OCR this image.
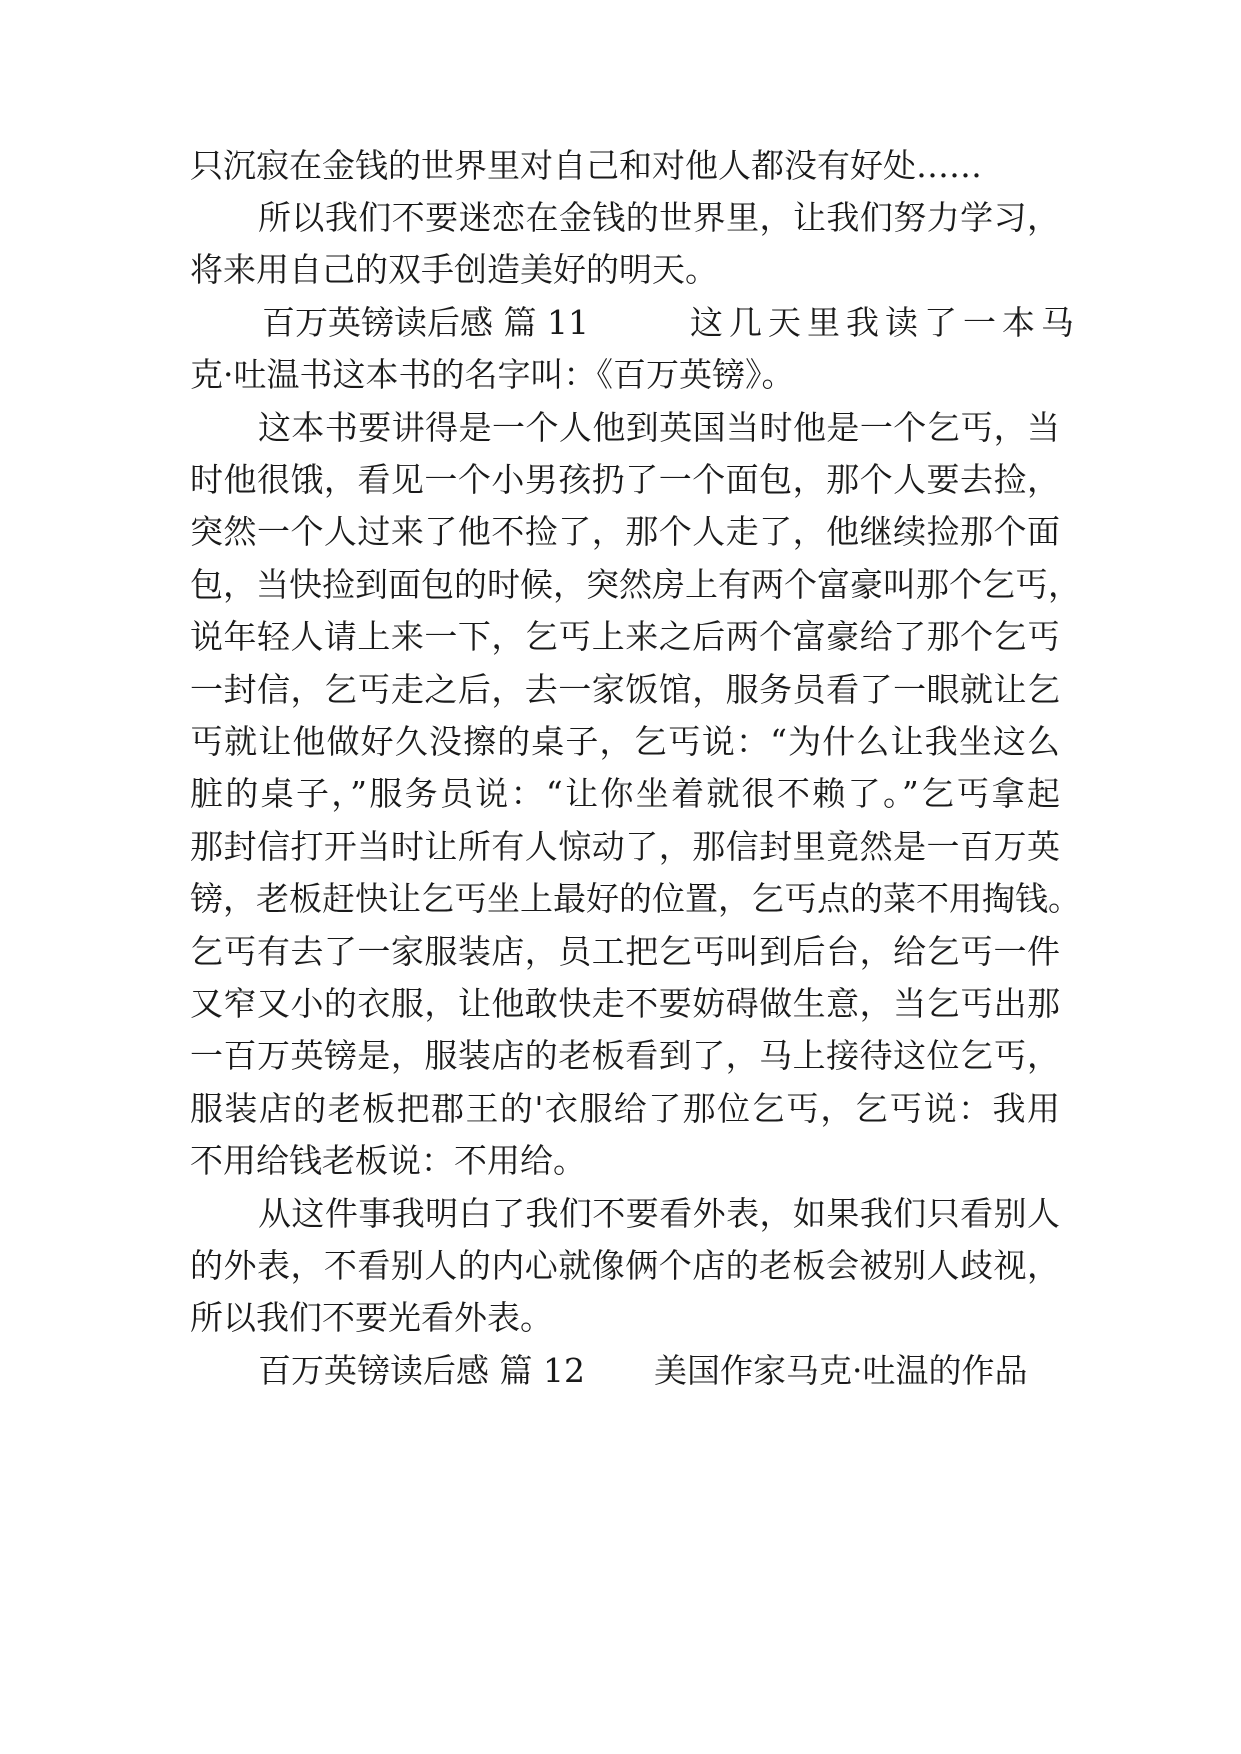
只沉寂在金钱的世界里对自己和对他人都没有好处……
所以我们不要迷恋在金钱的世界里，让我们努力学习，
将来用自己的双手创造美好的明天。
百万英镑读后感 篇 11	这几天里我读了一本马
克·吐温书这本书的名字叫：《百万英镑》。
这本书要讲得是一个人他到英国当时他是一个乞丐，当
时他很饿，看见一个小男孩扔了一个面包，那个人要去捡，
突然一个人过来了他不捡了，那个人走了，他继续捡那个面
包，当快捡到面包的时候，突然房上有两个富豪叫那个乞丐，
说年轻人请上来一下，乞丐上来之后两个富豪给了那个乞丐
一封信，乞丐走之后，去一家饭馆，服务员看了一眼就让乞
丐就让他做好久没擦的桌子，乞丐说：“为什么让我坐这么
脏的桌子，”服务员说：“让你坐着就很不赖了。”乞丐拿起
那封信打开当时让所有人惊动了，那信封里竟然是一百万英
镑，老板赶快让乞丐坐上最好的位置，乞丐点的菜不用掏钱。
乞丐有去了一家服装店，员工把乞丐叫到后台，给乞丐一件
又窄又小的衣服，让他敢快走不要妨碍做生意，当乞丐出那
一百万英镑是，服装店的老板看到了，马上接待这位乞丐，
服装店的老板把郡王的'衣服给了那位乞丐，乞丐说：我用
不用给钱老板说：不用给。
从这件事我明白了我们不要看外表，如果我们只看别人
的外表，不看别人的内心就像俩个店的老板会被别人歧视，
所以我们不要光看外表。
百万英镑读后感 篇 12 美国作家马克·吐温的作品
